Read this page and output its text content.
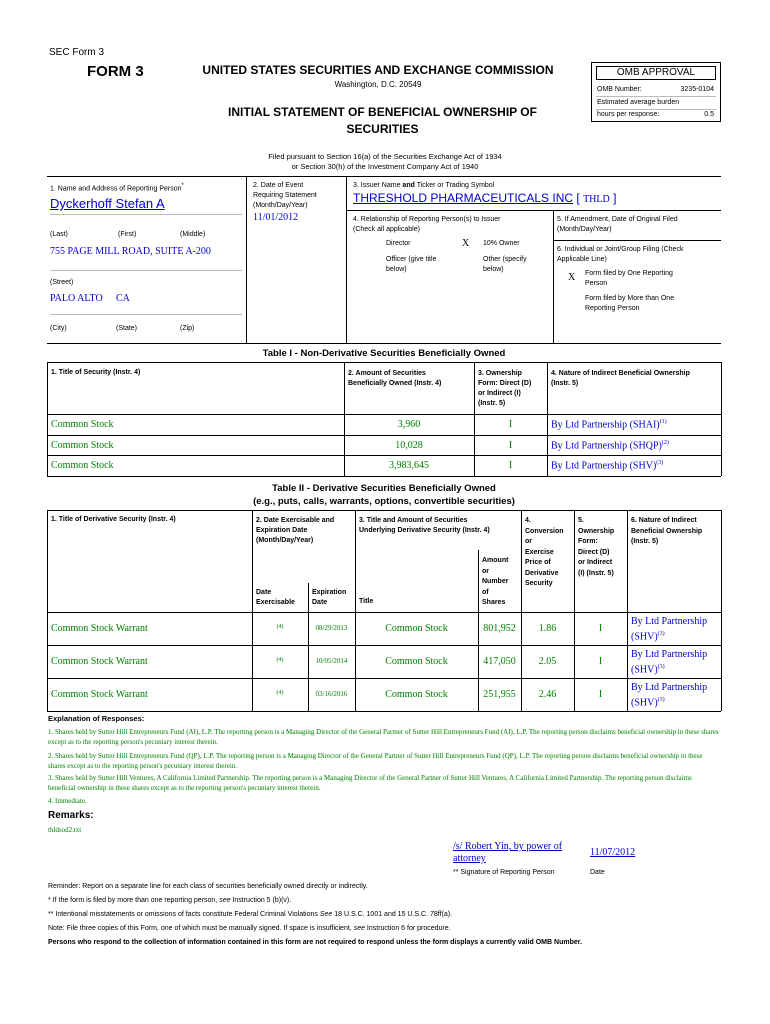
SEC Form 3
FORM 3	UNITED STATES SECURITIES AND EXCHANGE COMMISSION
Washington, D.C. 20549
INITIAL STATEMENT OF BENEFICIAL OWNERSHIP OF SECURITIES
OMB APPROVAL
OMB Number:	3235-0104
Estimated average burden
hours per response:	0.5
Filed pursuant to Section 16(a) of the Securities Exchange Act of 1934
or Section 30(h) of the Investment Company Act of 1940
1. Name and Address of Reporting Person*
Dyckerhoff Stefan A
(Last)	(First)	(Middle)
755 PAGE MILL ROAD, SUITE A-200
(Street)
PALO ALTO CA
(City)	(State)	(Zip)
2. Date of Event
Requiring Statement
(Month/Day/Year)
11/01/2012
3. Issuer Name and Ticker or Trading Symbol
THRESHOLD PHARMACEUTICALS INC [ THLD ]
4. Relationship of Reporting Person(s) to Issuer
(Check all applicable)
Director	X 10% Owner
Officer (give title
below)
Other (specify
below)
5. If Amendment, Date of Original Filed
(Month/Day/Year)
6. Individual or Joint/Group Filing (Check
Applicable Line)
X Form filed by One Reporting
Person
Form filed by More than One
Reporting Person
Table I - Non-Derivative Securities Beneficially Owned
1. Title of Security (Instr. 4)	2. Amount of Securities
Beneficially Owned (Instr. 4)
3. Ownership
Form: Direct (D)
or Indirect (I)
(Instr. 5)
4. Nature of Indirect Beneficial Ownership
(Instr. 5)
Common Stock	3,960	I	By Ltd Partnership (SHAI)$^{(1)}$
Common Stock	10,028	I	By Ltd Partnership (SHQP)$^{(2)}$
Common Stock	3,983,645	I	By Ltd Partnership (SHV)$^{(3)}$
Table II - Derivative Securities Beneficially Owned
(e.g., puts, calls, warrants, options, convertible securities)
1. Title of Derivative Security (Instr. 4)	2. Date Exercisable and
Expiration Date
(Month/Day/Year)
Date
Exercisable
Expiration
Date
3. Title and Amount of Securities
Underlying Derivative Security (Instr. 4)
Title
Amount
or
Number
of
Shares
4.
Conversion
or
Exercise
Price of
Derivative
Security
5.
Ownership
Form:
Direct (D)
or Indirect
(I) (Instr. 5)
6. Nature of Indirect
Beneficial Ownership
(Instr. 5)
Common Stock Warrant	(4)	08/29/2013	Common Stock	801,952	1.86	I
By Ltd Partnership
(SHV)$^{(3)}$
Common Stock Warrant	(4)	10/05/2014	Common Stock	417,050	2.05	I
By Ltd Partnership
(SHV)$^{(3)}$
Common Stock Warrant	(4)	03/16/2016	Common Stock	251,955	2.46	I
By Ltd Partnership
(SHV)$^{(3)}$
Explanation of Responses:
1. Shares held by Sutter Hill Entrepreneurs Fund (AI), L.P. The reporting person is a Managing Director of the General Partner of Sutter Hill Entrepreneurs Fund (AI), L.P. The reporting person disclaims beneficial ownership in these shares except as to the reporting person's pecuniary interest therein.
2. Shares held by Sutter Hill Entrepreneurs Fund (QP), L.P. The reporting person is a Managing Director of the General Partner of Sutter Hill Entrepreneurs Fund (QP), L.P. The reporting person disclaims beneficial ownership in these shares except as to the reporting person's pecuniary interest therein.
3. Shares held by Sutter Hill Ventures, A California Limited Partnership. The reporting person is a Managing Director of the General Partner of Sutter Hill Ventures, A California Limited Partnership. The reporting person disclaims beneficial ownership in these shares except as to the reporting person's pecuniary interest therein.
4. Immediate.
Remarks:
thldsod2.txt
/s/ Robert Yin, by power of attorney
11/07/2012
** Signature of Reporting Person	Date
Reminder: Report on a separate line for each class of securities beneficially owned directly or indirectly.
* If the form is filed by more than one reporting person, see Instruction 5 (b)(v).
** Intentional misstatements or omissions of facts constitute Federal Criminal Violations See 18 U.S.C. 1001 and 15 U.S.C. 78ff(a).
Note: File three copies of this Form, one of which must be manually signed. If space is insufficient, see Instruction 6 for procedure.
Persons who respond to the collection of information contained in this form are not required to respond unless the form displays a currently valid OMB Number.
